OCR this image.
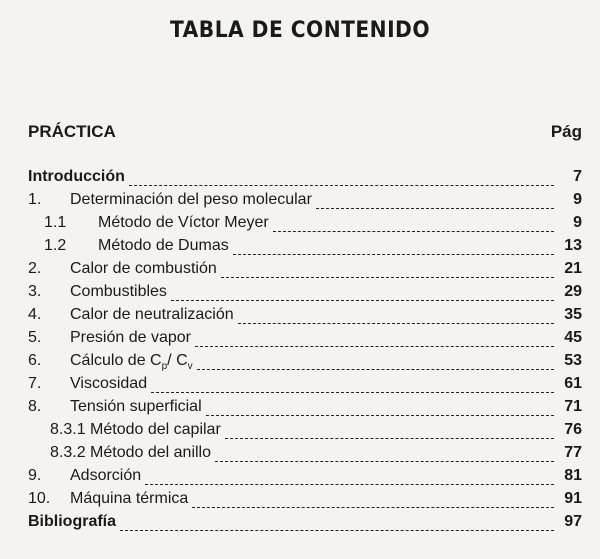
TABLA DE CONTENIDO
PRÁCTICA	Pág
Introducción	7
1.	Determinación del peso molecular	9
1.1	Método de Víctor Meyer	9
1.2	Método de Dumas	13
2.	Calor de combustión	21
3.	Combustibles	29
4.	Calor de neutralización	35
5.	Presión de vapor	45
6.	Cálculo de $C_p/$ $C_v$	53
7.	Viscosidad	61
8.	Tensión superficial	71
8.3.1 Método del capilar	76
8.3.2 Método del anillo	77
9.	Adsorción	81
10.	Máquina térmica	91
Bibliografía	97
